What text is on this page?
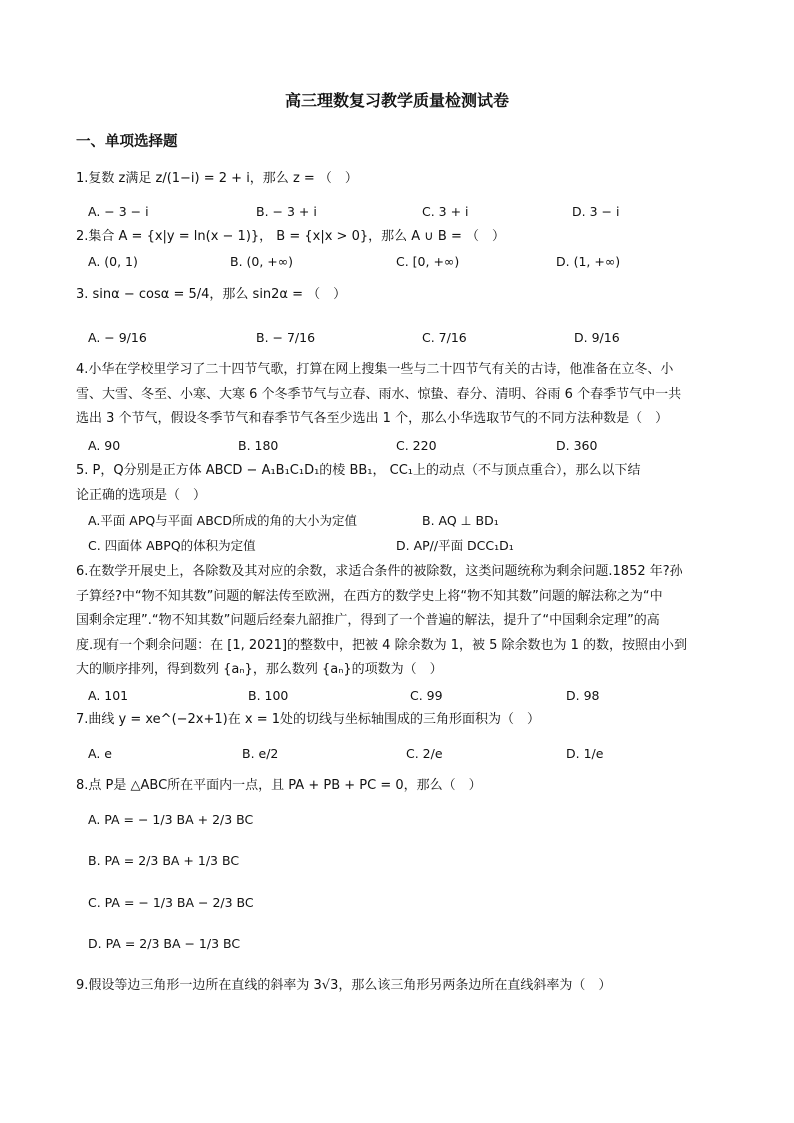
高三理数复习教学质量检测试卷
一、单项选择题
1.复数 z满足 z/(1−i) = 2 + i，那么 z = （　）
A. − 3 − i	B. − 3 + i	C. 3 + i	D. 3 − i
2.集合 A = {x|y = ln(x − 1)}， B = {x|x > 0}，那么 A ∪ B = （　）
A. (0, 1)	B. (0, +∞)	C. [0, +∞)	D. (1, +∞)
3. sinα − cosα = 5/4，那么 sin2α = （　）
A. − 9/16	B. − 7/16	C. 7/16	D. 9/16
4.小华在学校里学习了二十四节气歌，打算在网上搜集一些与二十四节气有关的古诗，他准备在立冬、小
雪、大雪、冬至、小寒、大寒 6 个冬季节气与立春、雨水、惊蛰、春分、清明、谷雨 6 个春季节气中一共
选出 3 个节气，假设冬季节气和春季节气各至少选出 1 个，那么小华选取节气的不同方法种数是（　）
A. 90	B. 180	C. 220	D. 360
5. P，Q分别是正方体 ABCD − A₁B₁C₁D₁的棱 BB₁， CC₁上的动点（不与顶点重合），那么以下结
论正确的选项是（　）
A.平面 APQ与平面 ABCD所成的角的大小为定值	B. AQ ⊥ BD₁
C. 四面体 ABPQ的体积为定值	D. AP//平面 DCC₁D₁
6.在数学开展史上，各除数及其对应的余数，求适合条件的被除数，这类问题统称为剩余问题.1852 年?孙
子算经?中“物不知其数”问题的解法传至欧洲，在西方的数学史上将“物不知其数”问题的解法称之为“中
国剩余定理”.“物不知其数”问题后经秦九韶推广，得到了一个普遍的解法，提升了“中国剩余定理”的高
度.现有一个剩余问题：在 [1, 2021]的整数中，把被 4 除余数为 1，被 5 除余数也为 1 的数，按照由小到
大的顺序排列，得到数列 {aₙ}，那么数列 {aₙ}的项数为（　）
A. 101	B. 100	C. 99	D. 98
7.曲线 y = xe^(−2x+1)在 x = 1处的切线与坐标轴围成的三角形面积为（　）
A. e	B. e/2	C. 2/e	D. 1/e
8.点 P是 △ABC所在平面内一点，且 PA + PB + PC = 0，那么（　）
A. PA = − 1/3 BA + 2/3 BC
B. PA = 2/3 BA + 1/3 BC
C. PA = − 1/3 BA − 2/3 BC
D. PA = 2/3 BA − 1/3 BC
9.假设等边三角形一边所在直线的斜率为 3√3，那么该三角形另两条边所在直线斜率为（　）
